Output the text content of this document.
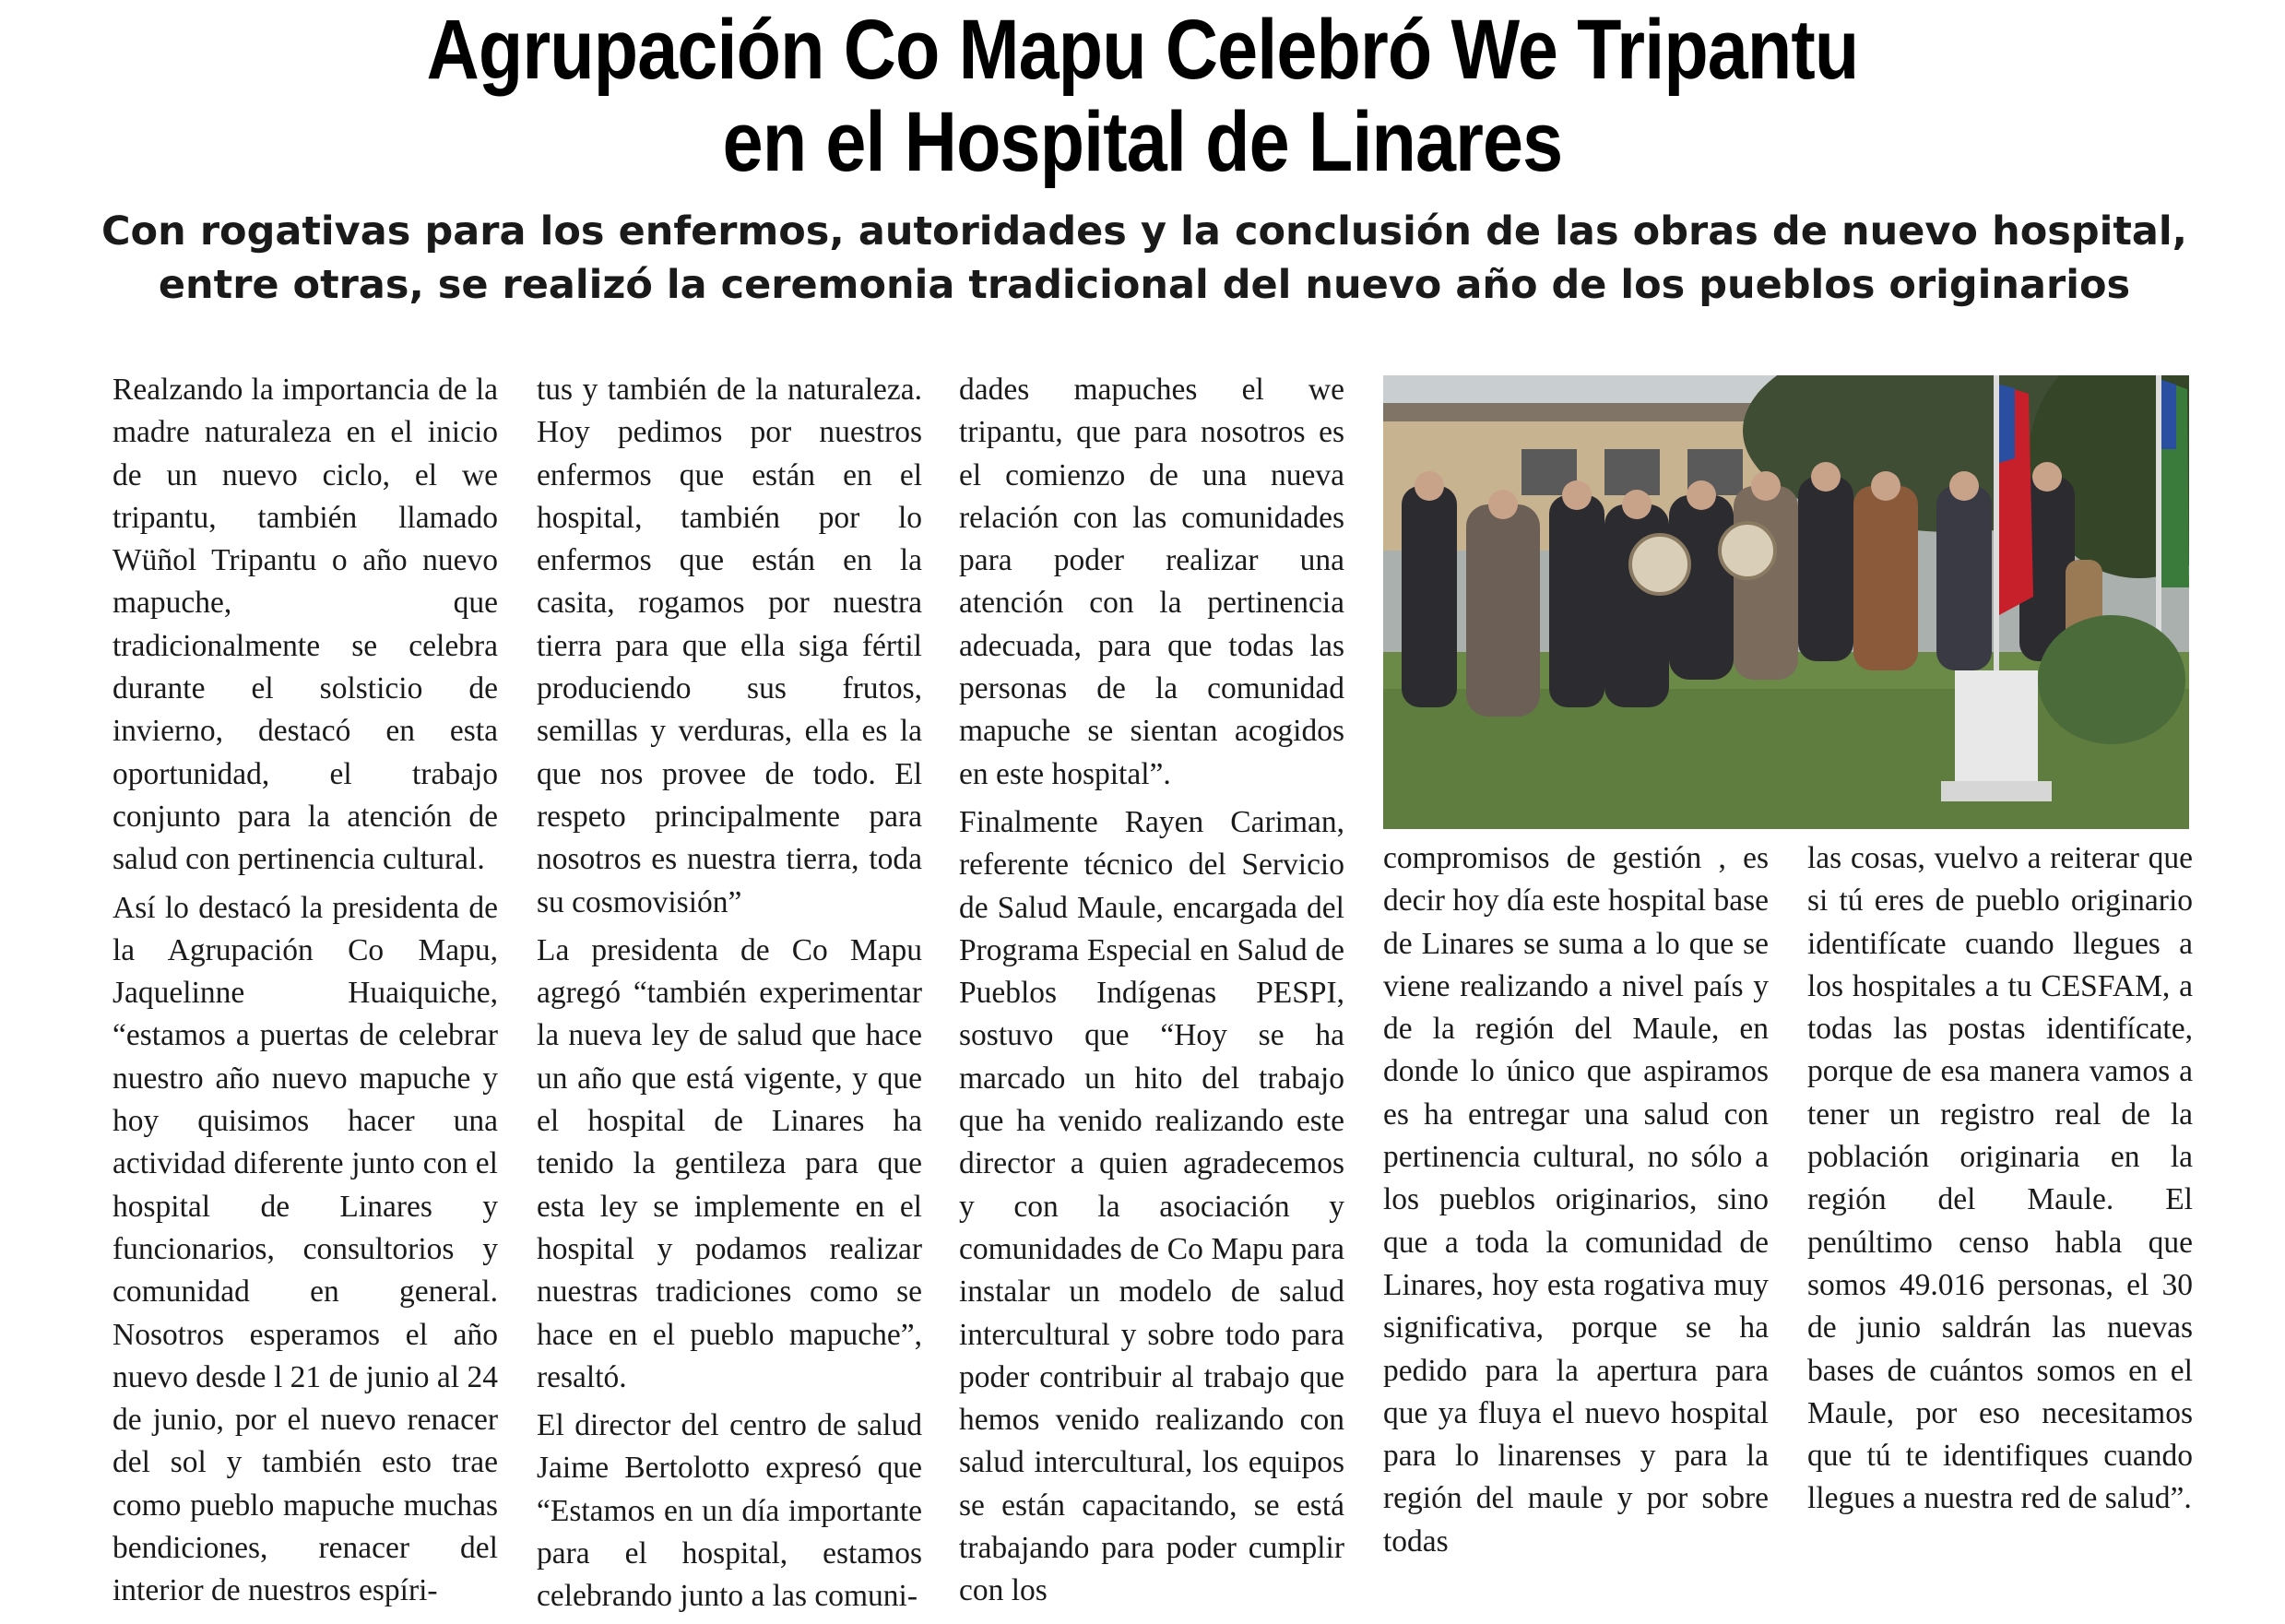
Agrupación Co Mapu Celebró We Tripantu
en el Hospital de Linares

Con rogativas para los enfermos, autoridades y la conclusión de las obras de nuevo hospital, entre otras, se realizó la ceremonia tradicional del nuevo año de los pueblos originarios

Realzando la importancia de la madre naturaleza en el inicio de un nuevo ciclo, el we tripantu, también llamado Wüñol Tripantu o año nuevo mapuche, que tradicionalmente se celebra durante el solsticio de invierno, destacó en esta oportunidad, el trabajo conjunto para la atención de salud con pertinencia cultural.

Así lo destacó la presidenta de la Agrupación Co Mapu, Jaquelinne Huaiquiche, “estamos a puertas de celebrar nuestro año nuevo mapuche y hoy quisimos hacer una actividad diferente junto con el hospital de Linares y funcionarios, consultorios y comunidad en general. Nosotros esperamos el año nuevo desde l 21 de junio al 24 de junio, por el nuevo renacer del sol y también esto trae como pueblo mapuche muchas bendiciones, renacer del interior de nuestros espíri-

tus y también de la naturaleza. Hoy pedimos por nuestros enfermos que están en el hospital, también por lo enfermos que están en la casita, rogamos por nuestra tierra para que ella siga fértil produciendo sus frutos, semillas y verduras, ella es la que nos provee de todo. El respeto principalmente para nosotros es nuestra tierra, toda su cosmovisión”

La presidenta de Co Mapu agregó “también experimentar la nueva ley de salud que hace un año que está vigente, y que el hospital de Linares ha tenido la gentileza para que esta ley se implemente en el hospital y podamos realizar nuestras tradiciones como se hace en el pueblo mapuche”, resaltó.

El director del centro de salud Jaime Bertolotto expresó que “Estamos en un día importante para el hospital, estamos celebrando junto a las comuni-

dades mapuches el we tripantu, que para nosotros es el comienzo de una nueva relación con las comunidades para poder realizar una atención con la pertinencia adecuada, para que todas las personas de la comunidad mapuche se sientan acogidos en este hospital”.

Finalmente Rayen Cariman, referente técnico del Servicio de Salud Maule, encargada del Programa Especial en Salud de Pueblos Indígenas PESPI, sostuvo que “Hoy se ha marcado un hito del trabajo que ha venido realizando este director a quien agradecemos y con la asociación y comunidades de Co Mapu para instalar un modelo de salud intercultural y sobre todo para poder contribuir al trabajo que hemos venido realizando con salud intercultural, los equipos se están capacitando, se está trabajando para poder cumplir con los

compromisos de gestión , es decir hoy día este hospital base de Linares se suma a lo que se viene realizando a nivel país y de la región del Maule, en donde lo único que aspiramos es ha entregar una salud con pertinencia cultural, no sólo a los pueblos originarios, sino que a toda la comunidad de Linares, hoy esta rogativa muy significativa, porque se ha pedido para la apertura para que ya fluya el nuevo hospital para lo linarenses y para la región del maule y por sobre todas

las cosas, vuelvo a reiterar que si tú eres de pueblo originario identifícate cuando llegues a los hospitales a tu CESFAM, a todas las postas identifícate, porque de esa manera vamos a tener un registro real de la población originaria en la región del Maule. El penúltimo censo habla que somos 49.016 personas, el 30 de junio saldrán las nuevas bases de cuántos somos en el Maule, por eso necesitamos que tú te identifiques cuando llegues a nuestra red de salud”.
